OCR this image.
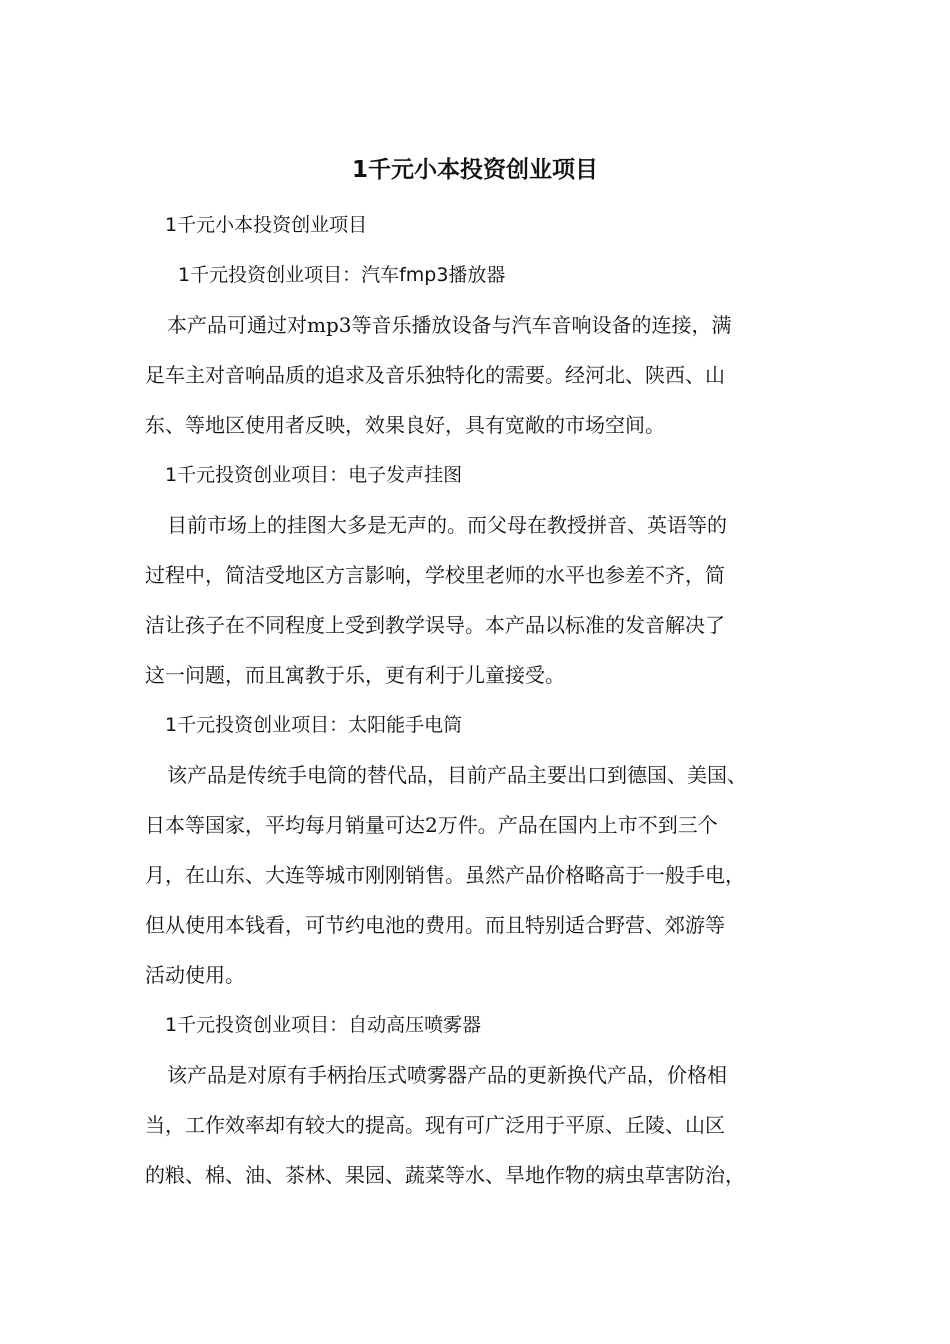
1千元小本投资创业项目

1千元小本投资创业项目

1千元投资创业项目：汽车fmp3播放器

本产品可通过对mp3等音乐播放设备与汽车音响设备的连接，满

足车主对音响品质的追求及音乐独特化的需要。经河北、陕西、山

东、等地区使用者反映，效果良好，具有宽敞的市场空间。

1千元投资创业项目：电子发声挂图

目前市场上的挂图大多是无声的。而父母在教授拼音、英语等的

过程中，简洁受地区方言影响，学校里老师的水平也参差不齐，简

洁让孩子在不同程度上受到教学误导。本产品以标准的发音解决了

这一问题，而且寓教于乐，更有利于儿童接受。

1千元投资创业项目：太阳能手电筒

该产品是传统手电筒的替代品，目前产品主要出口到德国、美国、

日本等国家，平均每月销量可达2万件。产品在国内上市不到三个

月，在山东、大连等城市刚刚销售。虽然产品价格略高于一般手电，

但从使用本钱看，可节约电池的费用。而且特别适合野营、郊游等

活动使用。

1千元投资创业项目：自动高压喷雾器

该产品是对原有手柄抬压式喷雾器产品的更新换代产品，价格相

当，工作效率却有较大的提高。现有可广泛用于平原、丘陵、山区

的粮、棉、油、茶林、果园、蔬菜等水、旱地作物的病虫草害防治，
